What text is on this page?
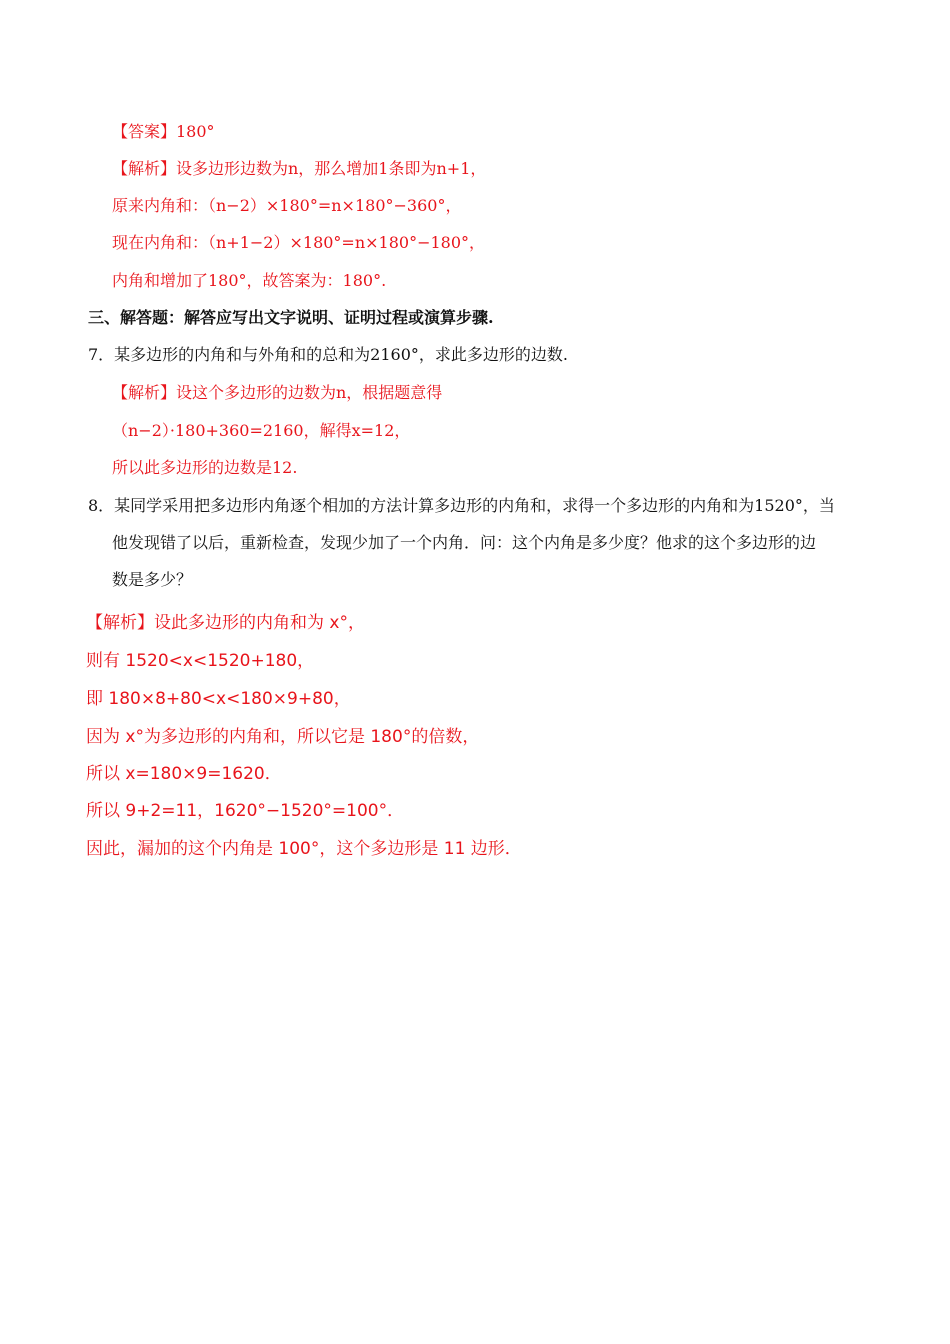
【答案】180°
【解析】设多边形边数为n，那么增加1条即为n+1，
原来内角和：（n−2）×180°=n×180°−360°，
现在内角和：（n+1−2）×180°=n×180°−180°，
内角和增加了180°，故答案为：180°.
三、解答题：解答应写出文字说明、证明过程或演算步骤.
7．某多边形的内角和与外角和的总和为2160°，求此多边形的边数.
【解析】设这个多边形的边数为n，根据题意得
（n−2）·180+360=2160，解得x=12，
所以此多边形的边数是12.
8．某同学采用把多边形内角逐个相加的方法计算多边形的内角和，求得一个多边形的内角和为1520°，当
他发现错了以后，重新检查，发现少加了一个内角．问：这个内角是多少度？他求的这个多边形的边
数是多少？
【解析】设此多边形的内角和为 x°，
则有 1520<x<1520+180，
即 180×8+80<x<180×9+80，
因为 x°为多边形的内角和，所以它是 180°的倍数，
所以 x=180×9=1620．
所以 9+2=11，1620°−1520°=100°．
因此，漏加的这个内角是 100°，这个多边形是 11 边形．
